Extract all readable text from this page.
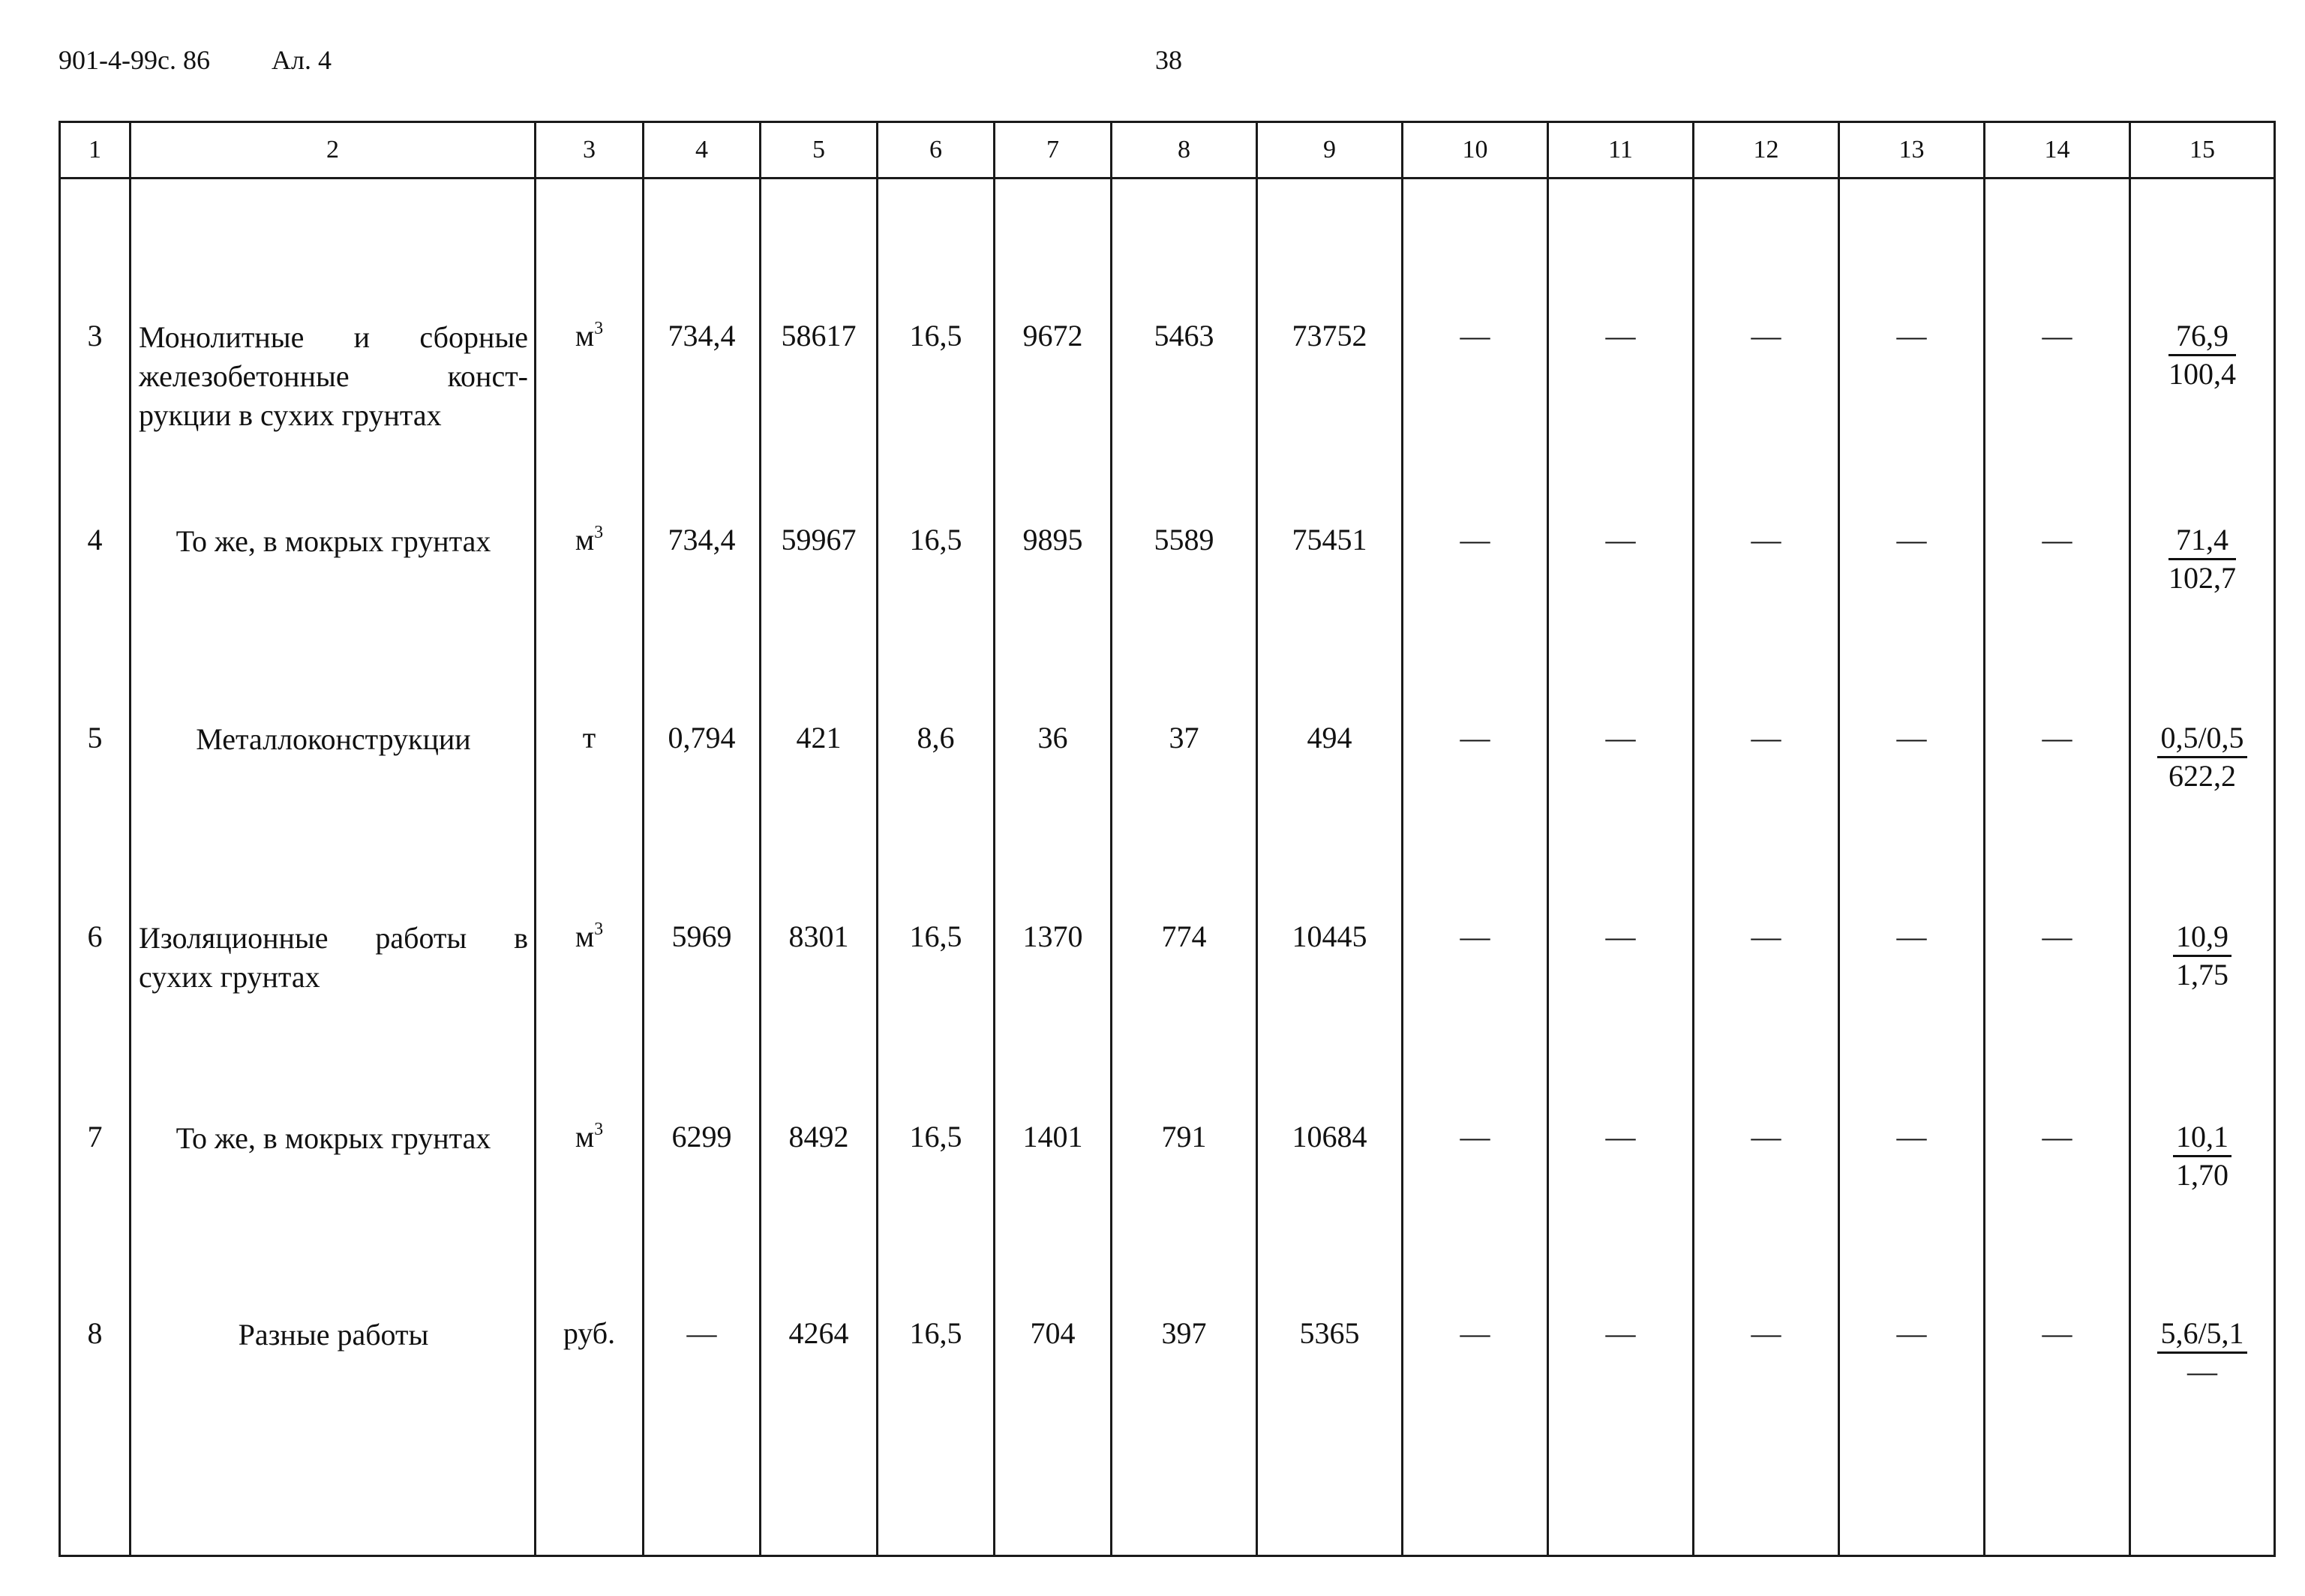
901-4-99с. 86 Ал. 4	38
1	2	3	4	5	6	7	8	9	10	11	12	13	14	15
3	Монолитные и сборные
железобетонные конст-
рукции в сухих грунтах	$м^3$	734,4	58617	16,5	9672	5463	73752	—	—	—	—	—	$\frac{76,9}{100,4}$

4	То же, в мокрых грунтах	$м^3$	734,4	59967	16,5	9895	5589	75451	—	—	—	—	—	$\frac{71,4}{102,7}$

5	Металлоконструкции	т	0,794	421	8,6	36	37	494	—	—	—	—	—	$\frac{0,5/0,5}{622,2}$

6	Изоляционные работы в
сухих грунтах	$м^3$	5969	8301	16,5	1370	774	10445	—	—	—	—	—	$\frac{10,9}{1,75}$

7	То же, в мокрых грунтах	$м^3$	6299	8492	16,5	1401	791	10684	—	—	—	—	—	$\frac{10,1}{1,70}$

8	Разные работы	руб.	—	4264	16,5	704	397	5365	—	—	—	—	—	$\frac{5,6/5,1}{—}$
